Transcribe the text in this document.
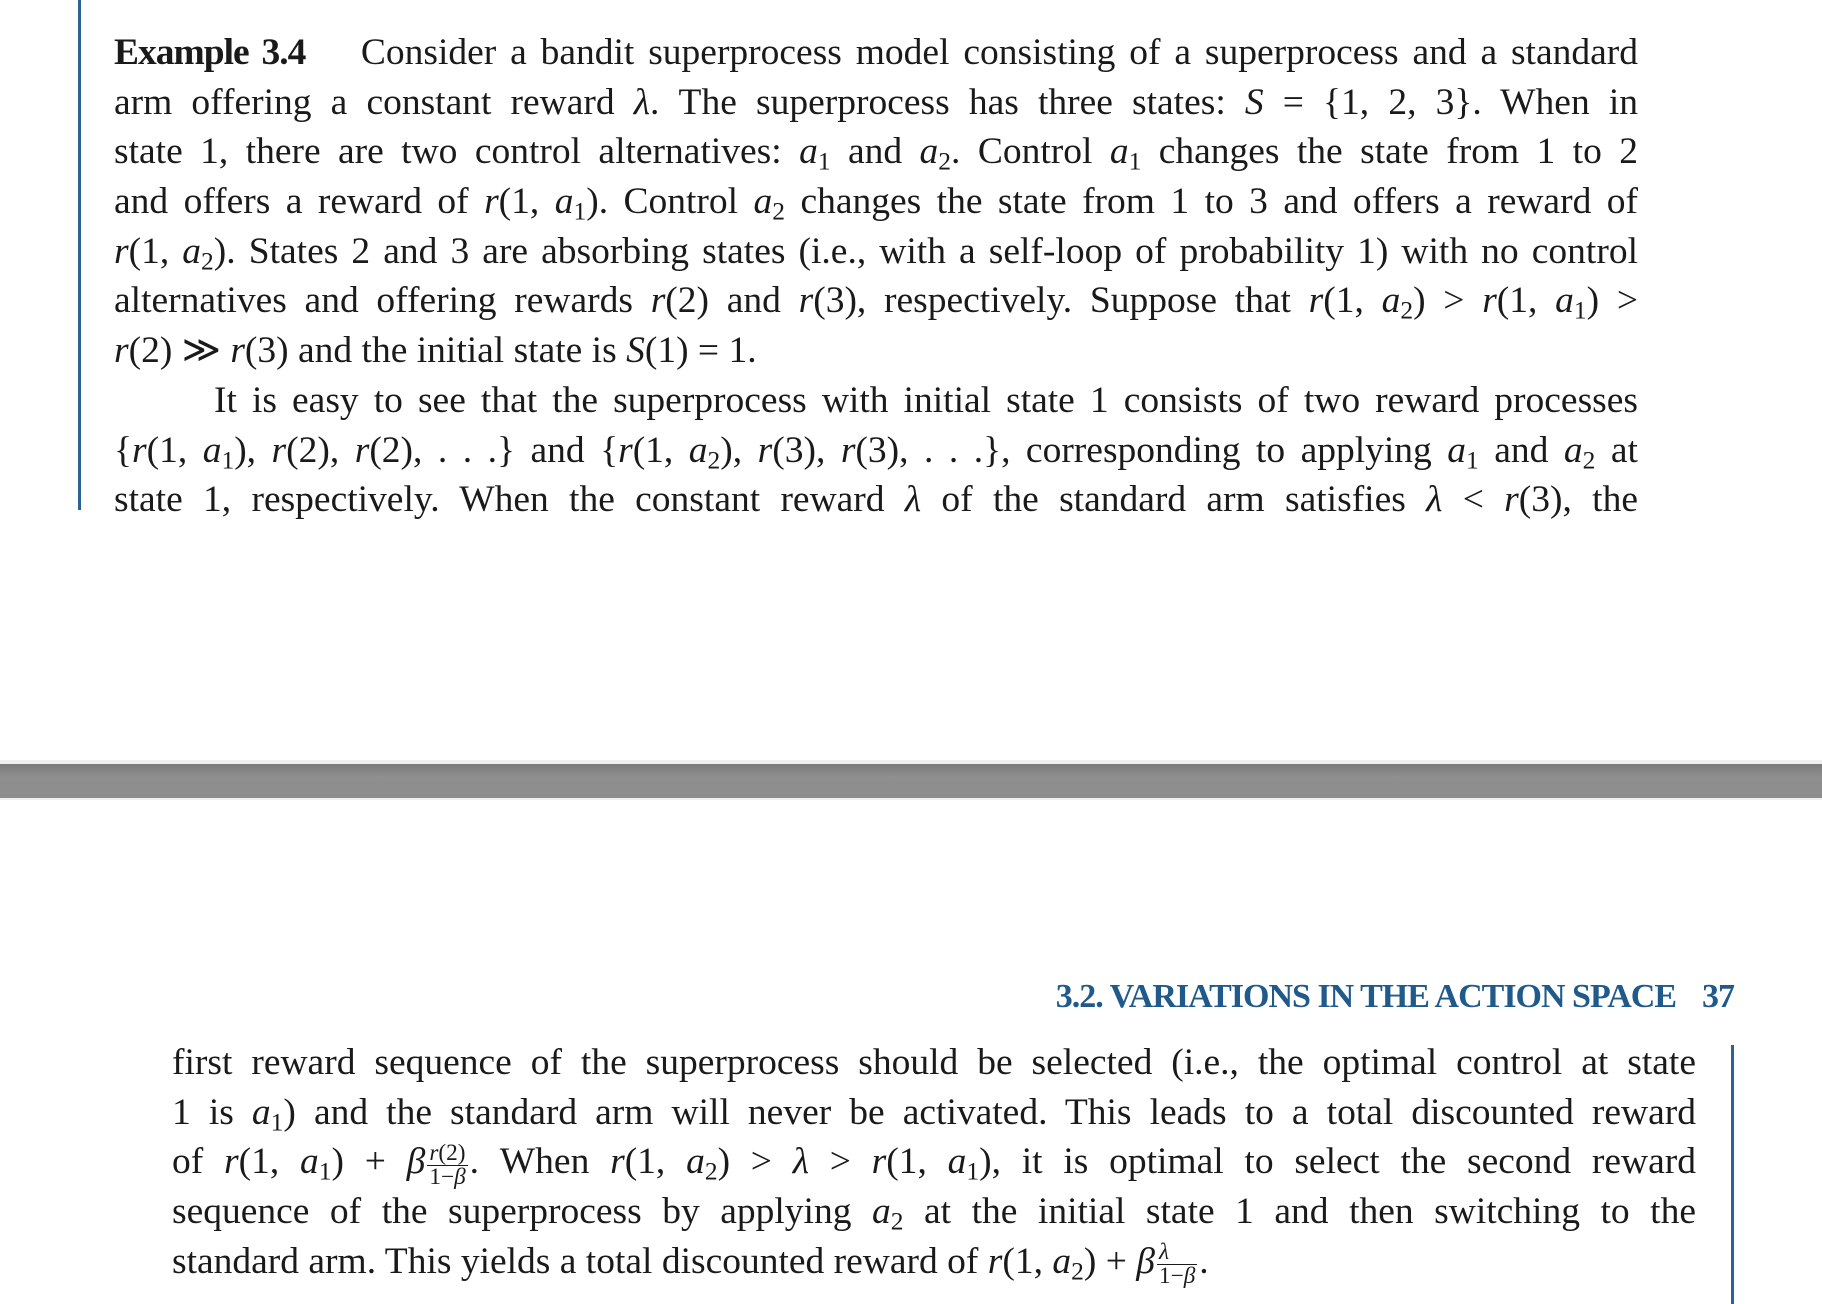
Example 3.4    Consider a bandit superprocess model consisting of a superprocess and a standard
arm offering a constant reward λ. The superprocess has three states: S = {1, 2, 3}. When in
state 1, there are two control alternatives: $a_1$ and $a_2$. Control $a_1$ changes the state from 1 to 2
and offers a reward of r(1, $a_1$). Control $a_2$ changes the state from 1 to 3 and offers a reward of
r(1, $a_2$). States 2 and 3 are absorbing states (i.e., with a self-loop of probability 1) with no control
alternatives and offering rewards r(2) and r(3), respectively. Suppose that r(1, $a_2) > r(1$, $a_1$) >
r(2) ≫ r(3) and the initial state is S(1) = 1.
It is easy to see that the superprocess with initial state 1 consists of two reward processes
{r(1, $a_1$), r(2), r(2), . . .} and {r(1, $a_2$), r(3), r(3), . . .}, corresponding to applying $a_1$ and $a_2$ at
state 1, respectively. When the constant reward λ of the standard arm satisfies λ < r(3), the
3.2. VARIATIONS IN THE ACTION SPACE 37
first reward sequence of the superprocess should be selected (i.e., the optimal control at state
1 is $a_1$) and the standard arm will never be activated. This leads to a total discounted reward
of r(1, $a_1) + \beta \frac{r(2)}{1-\beta}$ . When r(1, $a_2) > \lambda > r(1$, $a_1$), it is optimal to select the second reward
sequence of the superprocess by applying $a_2$ at the initial state 1 and then switching to the
standard arm. This yields a total discounted reward of r(1, $a_2) + \beta \frac{\lambda}{1-\beta}$ .
